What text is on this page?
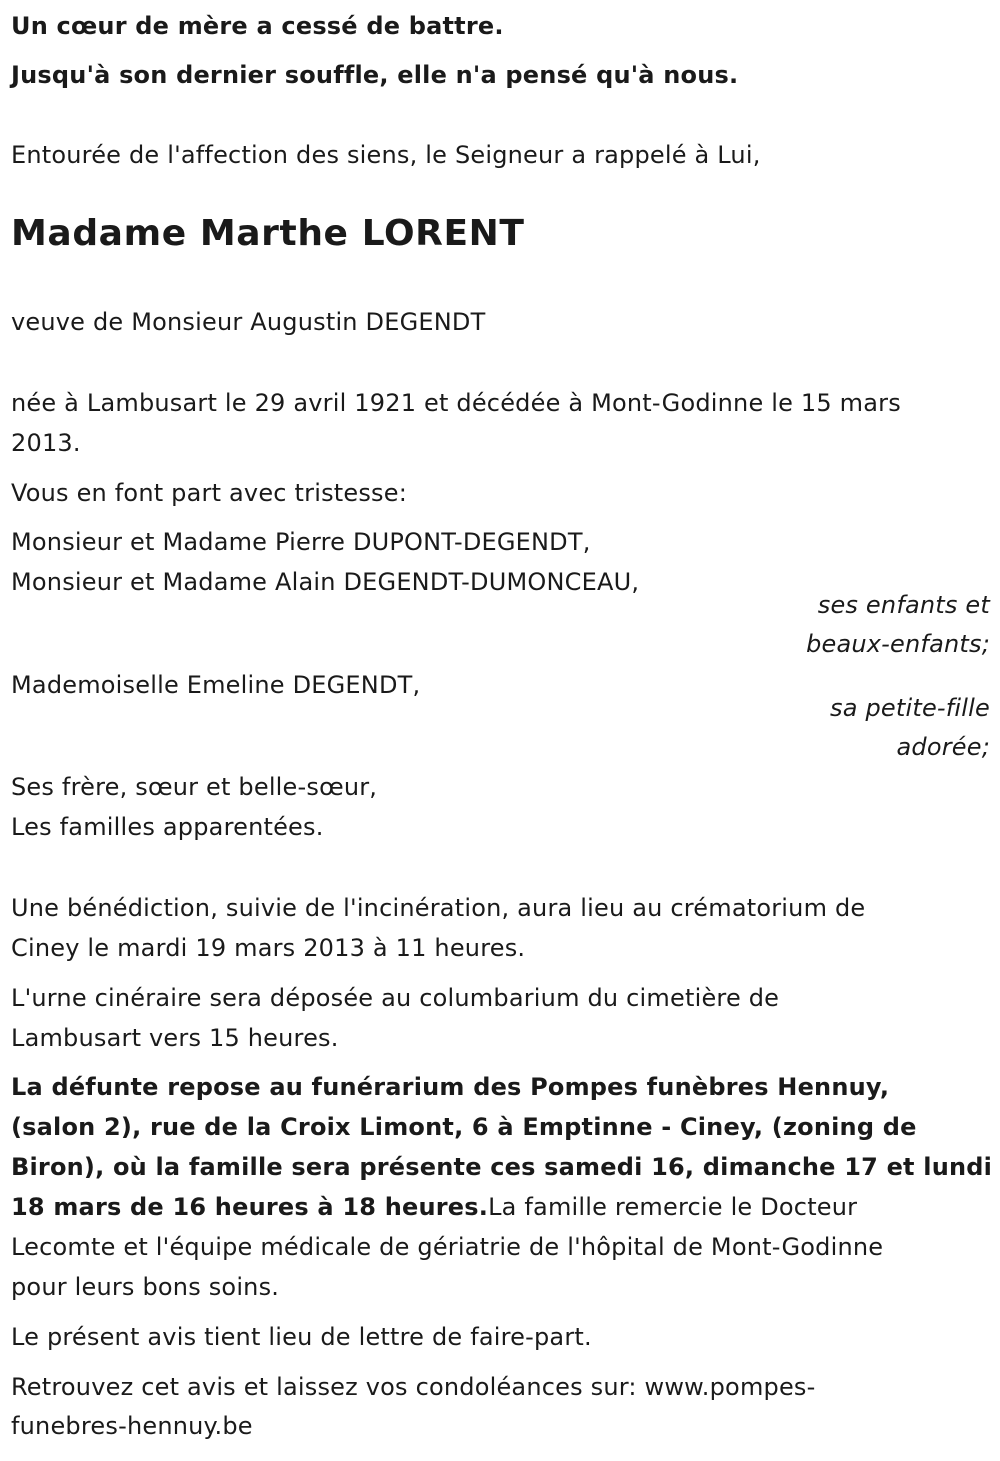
Un cœur de mère a cessé de battre.
Jusqu'à son dernier souffle, elle n'a pensé qu'à nous.
Entourée de l'affection des siens, le Seigneur a rappelé à Lui,
Madame Marthe LORENT
veuve de Monsieur Augustin DEGENDT
née à Lambusart le 29 avril 1921 et décédée à Mont-Godinne le 15 mars
2013.
Vous en font part avec tristesse:
Monsieur et Madame Pierre DUPONT-DEGENDT,
Monsieur et Madame Alain DEGENDT-DUMONCEAU,
ses enfants et
beaux-enfants;
Mademoiselle Emeline DEGENDT,
sa petite-fille
adorée;
Ses frère, sœur et belle-sœur,
Les familles apparentées.
Une bénédiction, suivie de l'incinération, aura lieu au crématorium de
Ciney le mardi 19 mars 2013 à 11 heures.
L'urne cinéraire sera déposée au columbarium du cimetière de
Lambusart vers 15 heures.
La défunte repose au funérarium des Pompes funèbres Hennuy,
(salon 2), rue de la Croix Limont, 6 à Emptinne - Ciney, (zoning de
Biron), où la famille sera présente ces samedi 16, dimanche 17 et lundi
18 mars de 16 heures à 18 heures.La famille remercie le Docteur
Lecomte et l'équipe médicale de gériatrie de l'hôpital de Mont-Godinne
pour leurs bons soins.
Le présent avis tient lieu de lettre de faire-part.
Retrouvez cet avis et laissez vos condoléances sur: www.pompes-
funebres-hennuy.be
